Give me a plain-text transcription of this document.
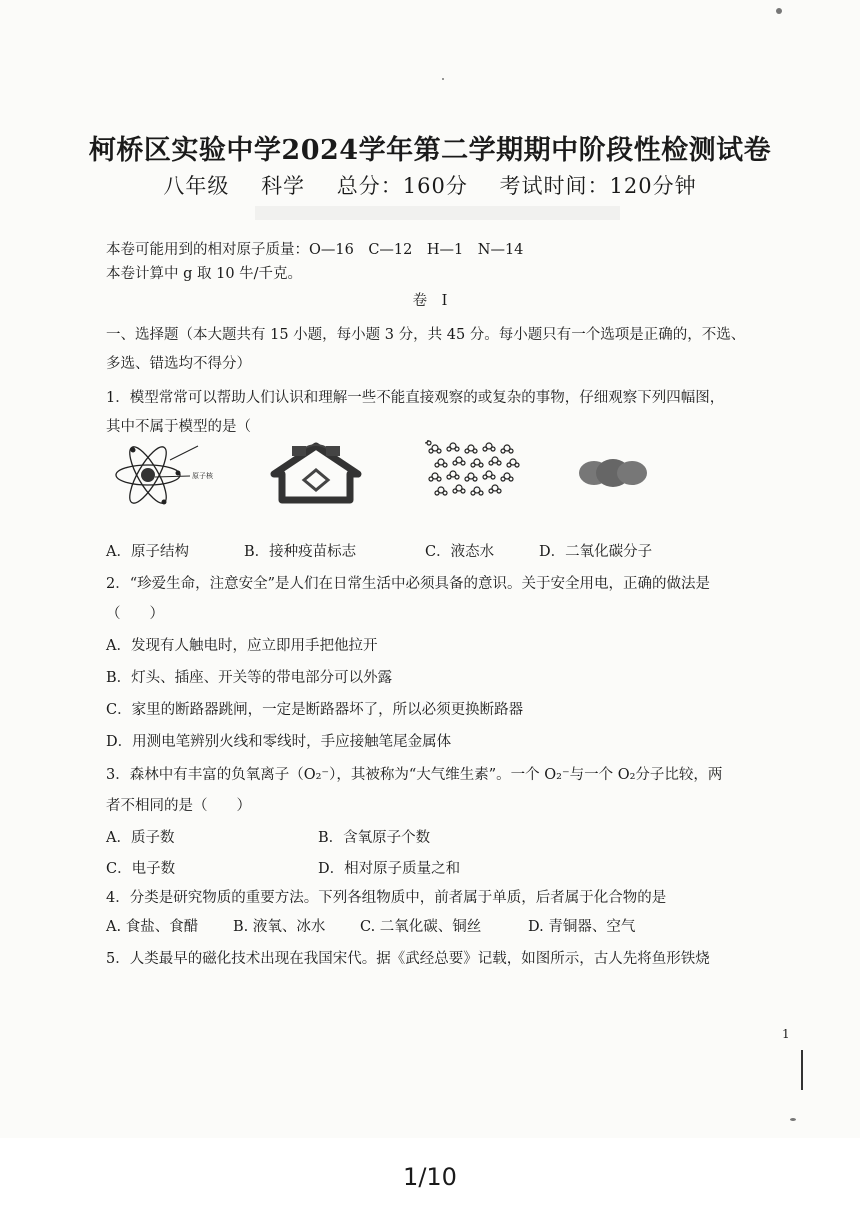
柯桥区实验中学2024学年第二学期期中阶段性检测试卷
八年级 科学 总分：160分 考试时间：120分钟
本卷可能用到的相对原子质量：O—16　C—12　H—1　N—14
本卷计算中 g 取 10 牛/千克。
卷　I
一、选择题（本大题共有 15 小题，每小题 3 分，共 45 分。每小题只有一个选项是正确的，不选、
多选、错选均不得分）
1．模型常常可以帮助人们认识和理解一些不能直接观察的或复杂的事物，仔细观察下列四幅图，
其中不属于模型的是（
原子核
A．原子结构	B．接种疫苗标志	C．液态水	D．二氧化碳分子
2．“珍爱生命，注意安全”是人们在日常生活中必须具备的意识。关于安全用电，正确的做法是
（　　）
A．发现有人触电时，应立即用手把他拉开
B．灯头、插座、开关等的带电部分可以外露
C．家里的断路器跳闸，一定是断路器坏了，所以必须更换断路器
D．用测电笔辨别火线和零线时，手应接触笔尾金属体
3．森林中有丰富的负氧离子（O₂⁻），其被称为“大气维生素”。一个 O₂⁻与一个 O₂分子比较，两
者不相同的是（　　）
A．质子数	B．含氧原子个数
C．电子数	D．相对原子质量之和
4．分类是研究物质的重要方法。下列各组物质中，前者属于单质，后者属于化合物的是
A. 食盐、食醋 B. 液氧、冰水 C. 二氧化碳、铜丝	D. 青铜器、空气
5．人类最早的磁化技术出现在我国宋代。据《武经总要》记载，如图所示，古人先将鱼形铁烧
1
1/10
